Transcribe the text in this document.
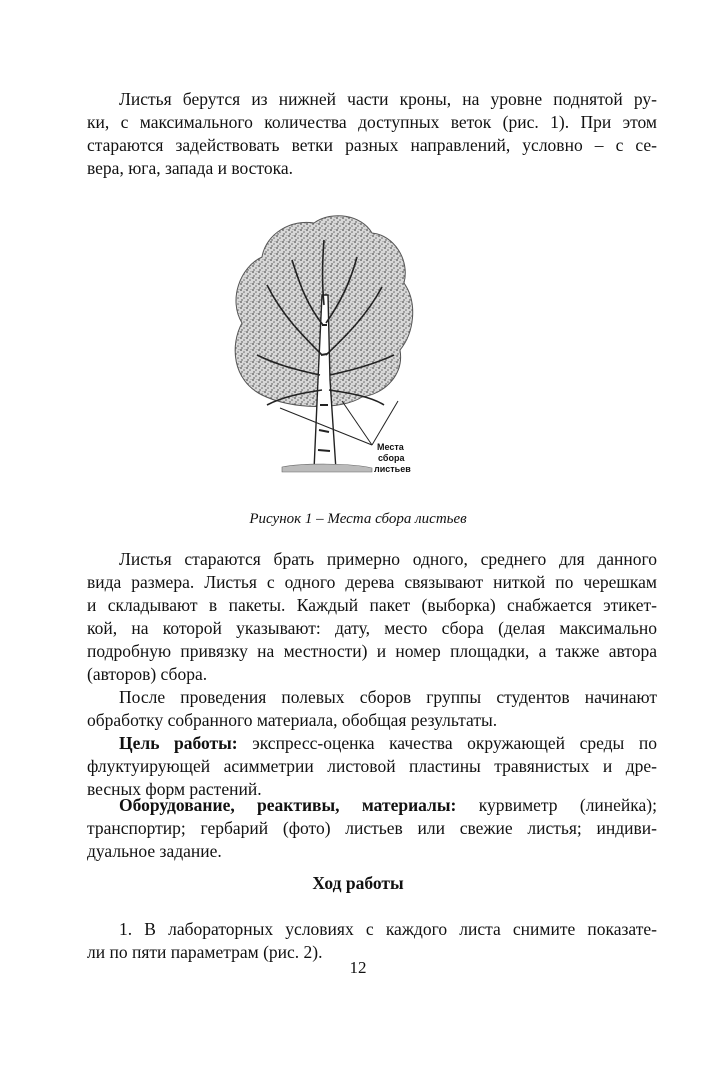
Листья берутся из нижней части кроны, на уровне поднятой ру-
ки, с максимального количества доступных веток (рис. 1). При этом
стараются задействовать ветки разных направлений, условно – с се-
вера, юга, запада и востока.
Места
сбора
листьев
Рисунок 1 – Места сбора листьев
Листья стараются брать примерно одного, среднего для данного
вида размера. Листья с одного дерева связывают ниткой по черешкам
и складывают в пакеты. Каждый пакет (выборка) снабжается этикет-
кой, на которой указывают: дату, место сбора (делая максимально
подробную привязку на местности) и номер площадки, а также автора
(авторов) сбора.
После проведения полевых сборов группы студентов начинают
обработку собранного материала, обобщая результаты.
Цель работы: экспресс-оценка качества окружающей среды по
флуктуирующей асимметрии листовой пластины травянистых и дре-
весных форм растений.
Оборудование, реактивы, материалы: курвиметр (линейка);
транспортир; гербарий (фото) листьев или свежие листья; индиви-
дуальное задание.
Ход работы
1. В лабораторных условиях с каждого листа снимите показате-
ли по пяти параметрам (рис. 2).
12
